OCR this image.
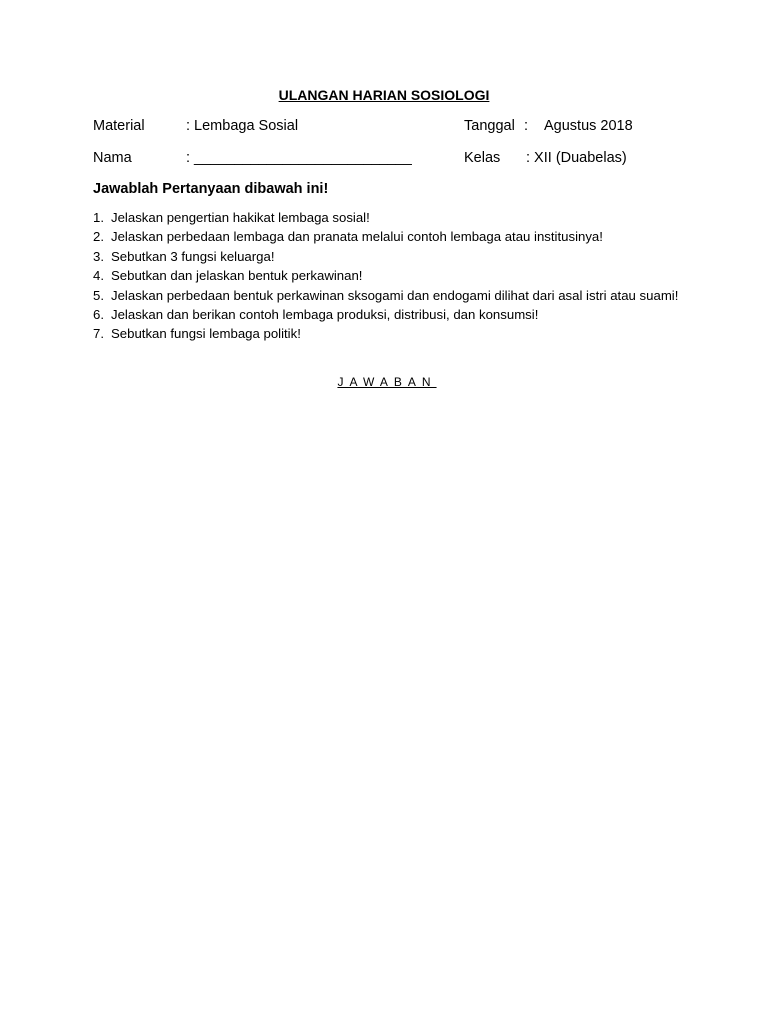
ULANGAN HARIAN SOSIOLOGI
Material	: Lembaga Sosial	Tanggal : Agustus 2018
Nama	: ___________________________	Kelas : XII (Duabelas)
Jawablah Pertanyaan dibawah ini!
1. Jelaskan pengertian hakikat lembaga sosial!
2. Jelaskan perbedaan lembaga dan pranata melalui contoh lembaga atau institusinya!
3. Sebutkan 3 fungsi keluarga!
4. Sebutkan dan jelaskan bentuk perkawinan!
5. Jelaskan perbedaan bentuk perkawinan sksogami dan endogami dilihat dari asal istri atau suami!
6. Jelaskan dan berikan contoh lembaga produksi, distribusi, dan konsumsi!
7. Sebutkan fungsi lembaga politik!
JAWABAN
